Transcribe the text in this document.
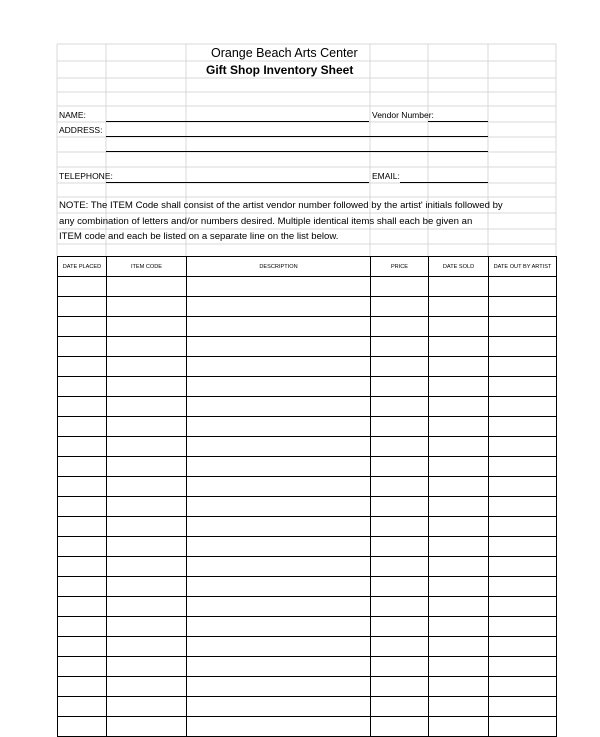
Orange Beach Arts Center
Gift Shop Inventory Sheet
NAME:	Vendor Number:
ADDRESS:
TELEPHONE:	EMAIL:
NOTE: The ITEM Code shall consist of the artist vendor number followed by the artist' initials followed by
any combination of letters and/or numbers desired. Multiple identical items shall each be given an
ITEM code and each be listed on a separate line on the list below.
DATE PLACED	ITEM CODE	DESCRIPTION	PRICE	DATE SOLD	DATE OUT BY ARTIST
